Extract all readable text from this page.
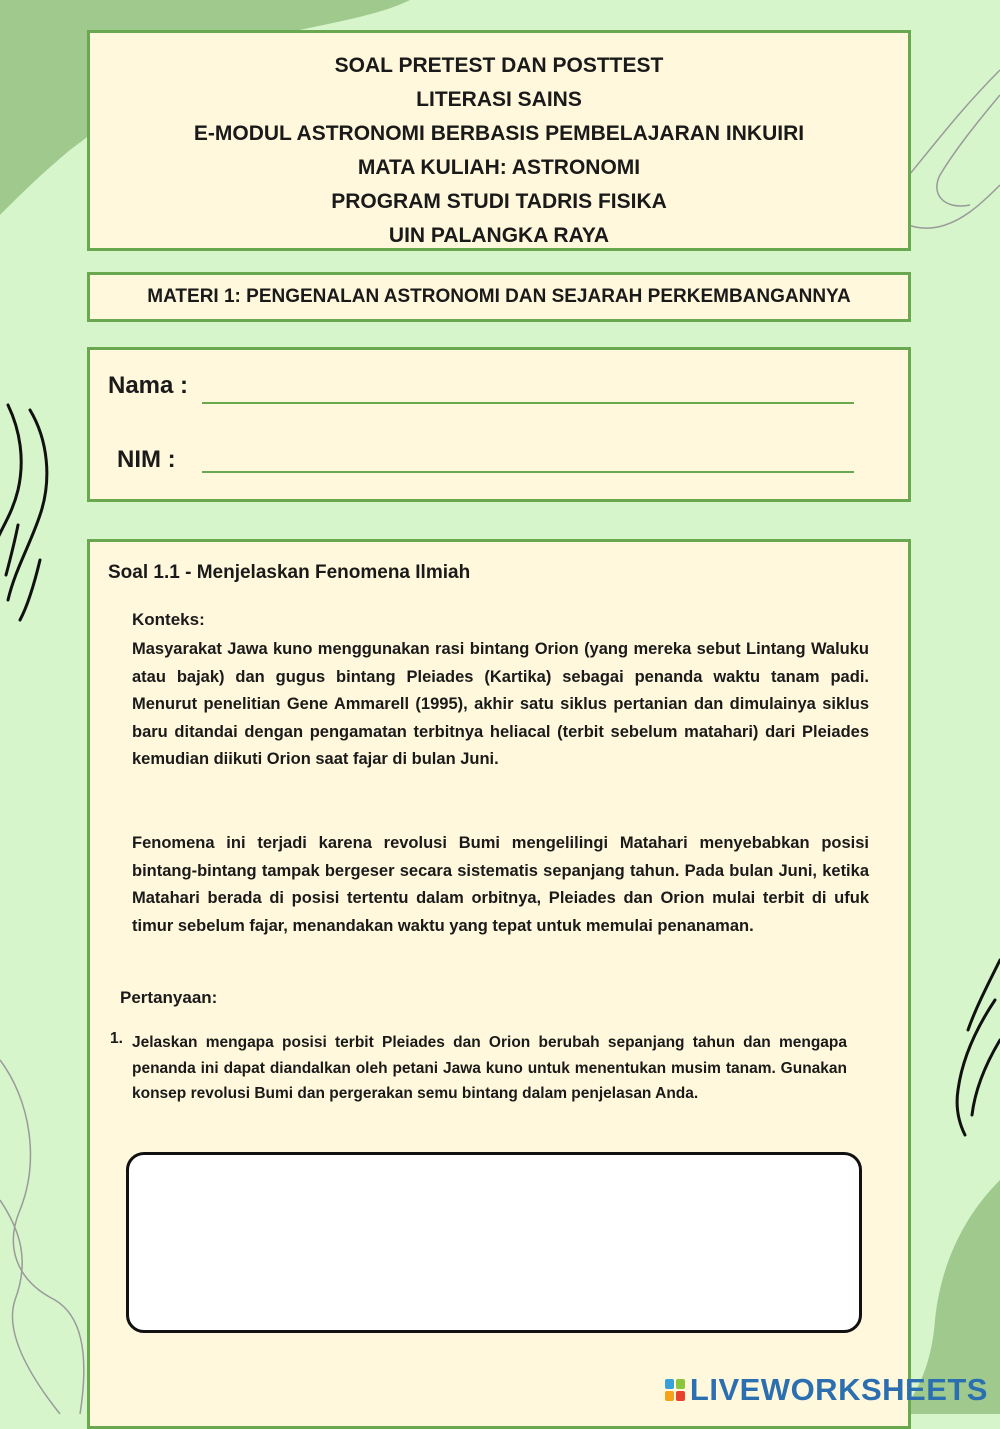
SOAL PRETEST DAN POSTTEST
LITERASI SAINS
E-MODUL ASTRONOMI BERBASIS PEMBELAJARAN INKUIRI
MATA KULIAH: ASTRONOMI
PROGRAM STUDI TADRIS FISIKA
UIN PALANGKA RAYA
MATERI 1: PENGENALAN ASTRONOMI DAN SEJARAH PERKEMBANGANNYA
Nama :
NIM :
Soal 1.1 - Menjelaskan Fenomena Ilmiah
Konteks:

Masyarakat Jawa kuno menggunakan rasi bintang Orion (yang mereka sebut Lintang Waluku atau bajak) dan gugus bintang Pleiades (Kartika) sebagai penanda waktu tanam padi. Menurut penelitian Gene Ammarell (1995), akhir satu siklus pertanian dan dimulainya siklus baru ditandai dengan pengamatan terbitnya heliacal (terbit sebelum matahari) dari Pleiades kemudian diikuti Orion saat fajar di bulan Juni.

Fenomena ini terjadi karena revolusi Bumi mengelilingi Matahari menyebabkan posisi bintang-bintang tampak bergeser secara sistematis sepanjang tahun. Pada bulan Juni, ketika Matahari berada di posisi tertentu dalam orbitnya, Pleiades dan Orion mulai terbit di ufuk timur sebelum fajar, menandakan waktu yang tepat untuk memulai penanaman.

Pertanyaan:
1. Jelaskan mengapa posisi terbit Pleiades dan Orion berubah sepanjang tahun dan mengapa penanda ini dapat diandalkan oleh petani Jawa kuno untuk menentukan musim tanam. Gunakan konsep revolusi Bumi dan pergerakan semu bintang dalam penjelasan Anda.

LIVEWORKSHEETS
